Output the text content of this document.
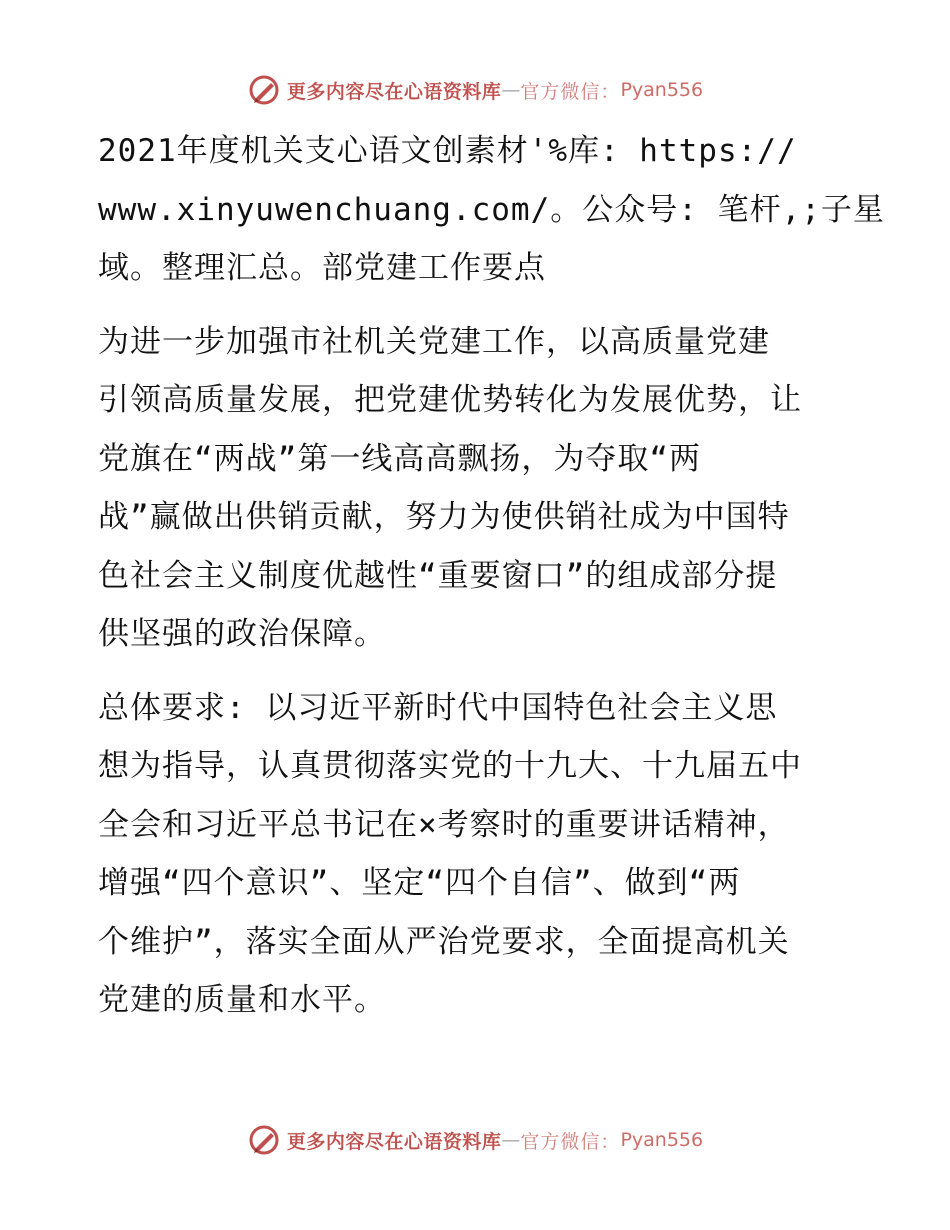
更多内容尽在心语资料库 — 官方微信： Pyan556

2021年度机关支心语文创素材'%库: https://
www.xinyuwenchuang.com/。公众号: 笔杆,;子星
域。整理汇总。部党建工作要点

为进一步加强市社机关党建工作，以高质量党建
引领高质量发展，把党建优势转化为发展优势，让
党旗在“两战”第一线高高飘扬，为夺取“两
战”赢做出供销贡献，努力为使供销社成为中国特
色社会主义制度优越性“重要窗口”的组成部分提
供坚强的政治保障。

总体要求: 以习近平新时代中国特色社会主义思
想为指导，认真贯彻落实党的十九大、十九届五中
全会和习近平总书记在×考察时的重要讲话精神，
增强“四个意识”、坚定“四个自信”、做到“两
个维护”，落实全面从严治党要求，全面提高机关
党建的质量和水平。

更多内容尽在心语资料库 — 官方微信： Pyan556
